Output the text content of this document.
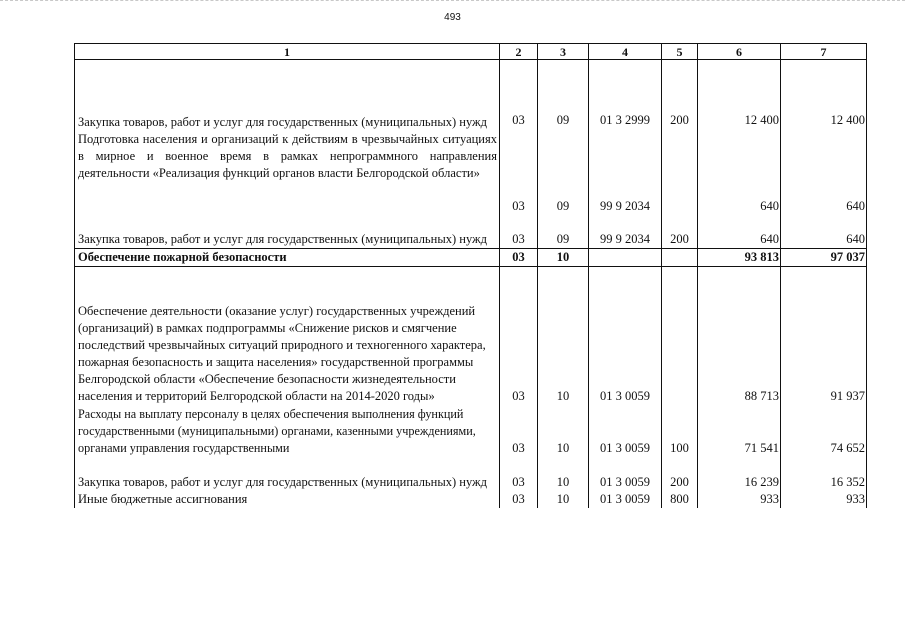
493
1	2	3	4	5	6	7
Закупка товаров, работ и услуг для государственных (муниципальных) нужд	03	09	01 3 2999	200	12 400	12 400
Подготовка населения и организаций к действиям в чрезвычайных ситуациях в мирное и военное время в рамках непрограммного направления деятельности «Реализация функций органов власти Белгородской области»	03	09	99 9 2034		640	640
Закупка товаров, работ и услуг для государственных (муниципальных) нужд	03	09	99 9 2034	200	640	640
Обеспечение пожарной безопасности	03	10			93 813	97 037
Обеспечение деятельности (оказание услуг) государственных учреждений (организаций) в рамках подпрограммы «Снижение рисков и смягчение последствий чрезвычайных ситуаций природного и техногенного характера, пожарная безопасность и защита населения» государственной программы Белгородской области «Обеспечение безопасности жизнедеятельности населения и территорий Белгородской области на 2014-2020 годы»	03	10	01 3 0059		88 713	91 937
Расходы на выплату персоналу в целях обеспечения выполнения функций государственными (муниципальными) органами, казенными учреждениями, органами управления государственными	03	10	01 3 0059	100	71 541	74 652
Закупка товаров, работ и услуг для государственных (муниципальных) нужд	03	10	01 3 0059	200	16 239	16 352
Иные бюджетные ассигнования	03	10	01 3 0059	800	933	933
